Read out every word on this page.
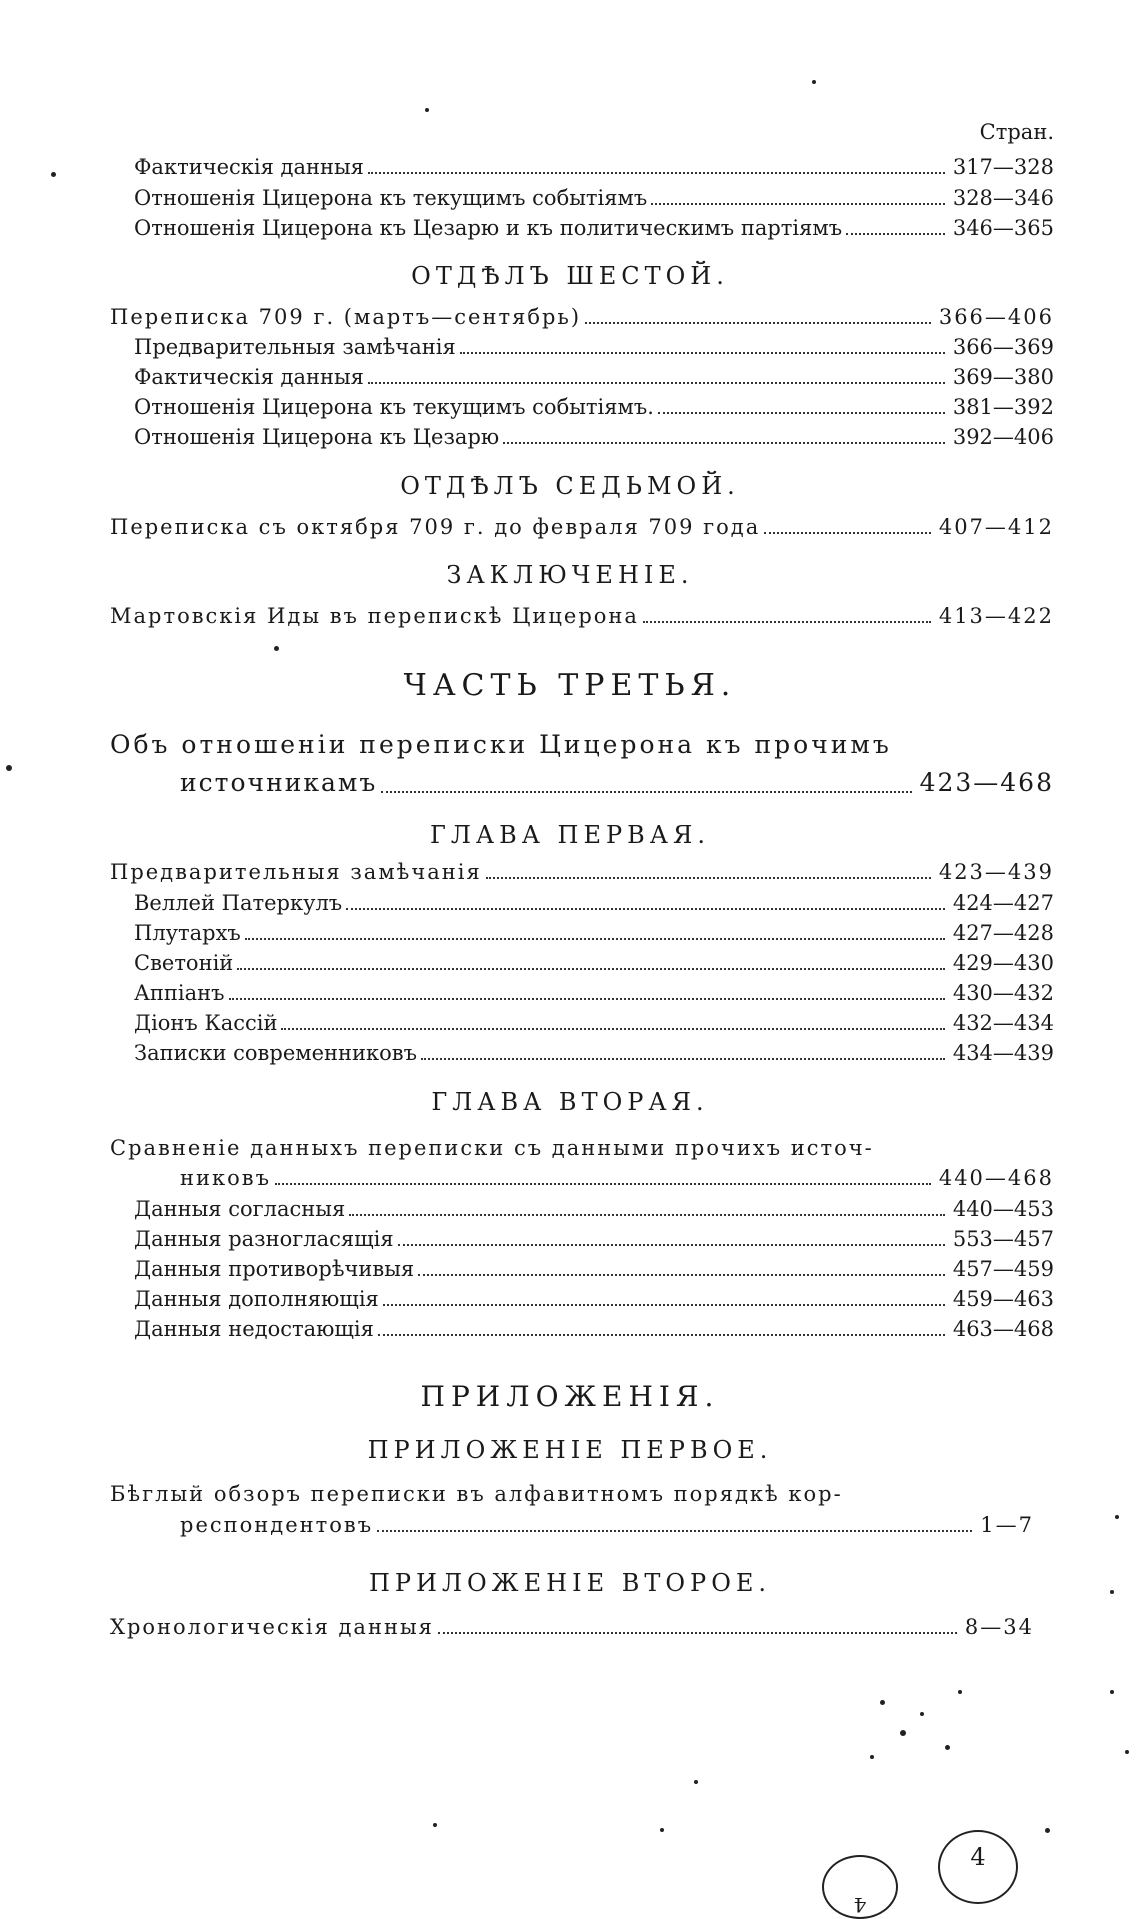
Стран.
Фактическія данныя	317—328
Отношенія Цицерона къ текущимъ событіямъ	328—346
Отношенія Цицерона къ Цезарю и къ политическимъ партіямъ	346—365
ОТДѢЛЪ ШЕСТОЙ.
Переписка 709 г. (мартъ—сентябрь)	366—406
Предварительныя замѣчанія	366—369
Фактическія данныя	369—380
Отношенія Цицерона къ текущимъ событіямъ.	381—392
Отношенія Цицерона къ Цезарю	392—406
ОТДѢЛЪ СЕДЬМОЙ.
Переписка съ октября 709 г. до феврaля 709 года	407—412
ЗАКЛЮЧЕНІЕ.
Мартовскія Иды въ перепискѣ Цицерона	413—422
ЧАСТЬ ТРЕТЬЯ.
Объ отношеніи переписки Цицерона къ прочимъ
источникамъ	423—468
ГЛАВА ПЕРВАЯ.
Предварительныя замѣчанія	423—439
Веллей Патеркулъ	424—427
Плутархъ	427—428
Светоній	429—430
Аппіанъ	430—432
Діонъ Кассій	432—434
Записки современниковъ	434—439
ГЛАВА ВТОРАЯ.
Сравненіе данныхъ переписки съ данными прочихъ источ-
никовъ	440—468
Данныя согласныя	440—453
Данныя разногласящія	553—457
Данныя противорѣчивыя	457—459
Данныя дополняющія	459—463
Данныя недостающія	463—468
ПРИЛОЖЕНІЯ.
ПРИЛОЖЕНІЕ ПЕРВОЕ.
Бѣглый обзоръ переписки въ алфавитномъ порядкѣ кор-
респондентовъ	1—7
ПРИЛОЖЕНІЕ ВТОРОЕ.
Хронологическія данныя	8—34
4
4
